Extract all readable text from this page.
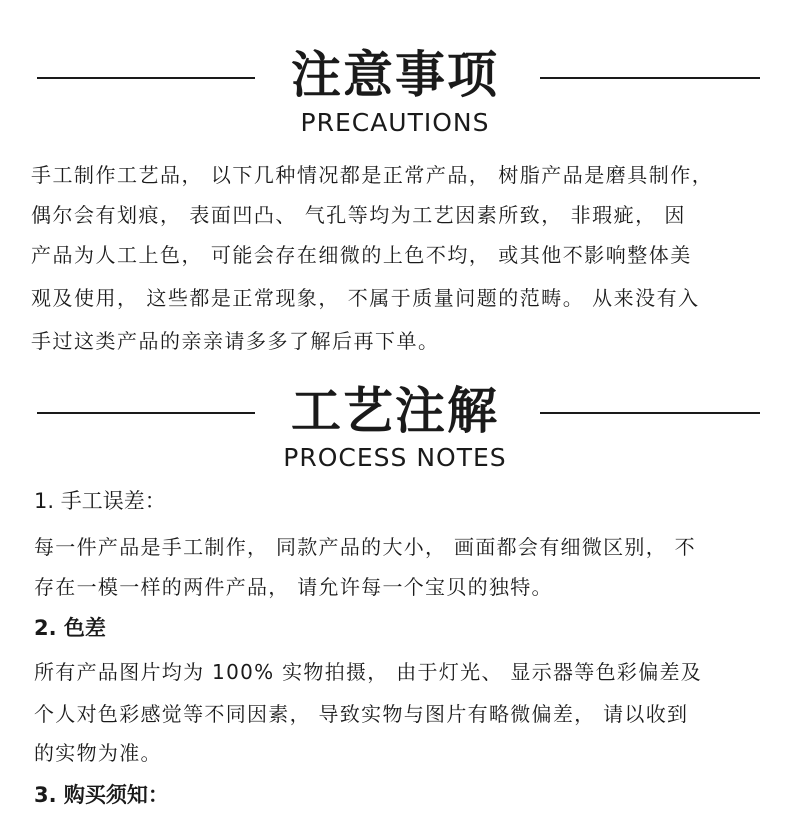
注意事项
PRECAUTIONS
手工制作工艺品， 以下几种情况都是正常产品， 树脂产品是磨具制作，
偶尔会有划痕， 表面凹凸、 气孔等均为工艺因素所致， 非瑕疵， 因
产品为人工上色， 可能会存在细微的上色不均， 或其他不影响整体美
观及使用， 这些都是正常现象， 不属于质量问题的范畴。 从来没有入
手过这类产品的亲亲请多多了解后再下单。
工艺注解
PROCESS NOTES
1. 手工误差：
每一件产品是手工制作， 同款产品的大小， 画面都会有细微区别， 不
存在一模一样的两件产品， 请允许每一个宝贝的独特。
2. 色差
所有产品图片均为 100% 实物拍摄， 由于灯光、 显示器等色彩偏差及
个人对色彩感觉等不同因素， 导致实物与图片有略微偏差， 请以收到
的实物为准。
3. 购买须知：
